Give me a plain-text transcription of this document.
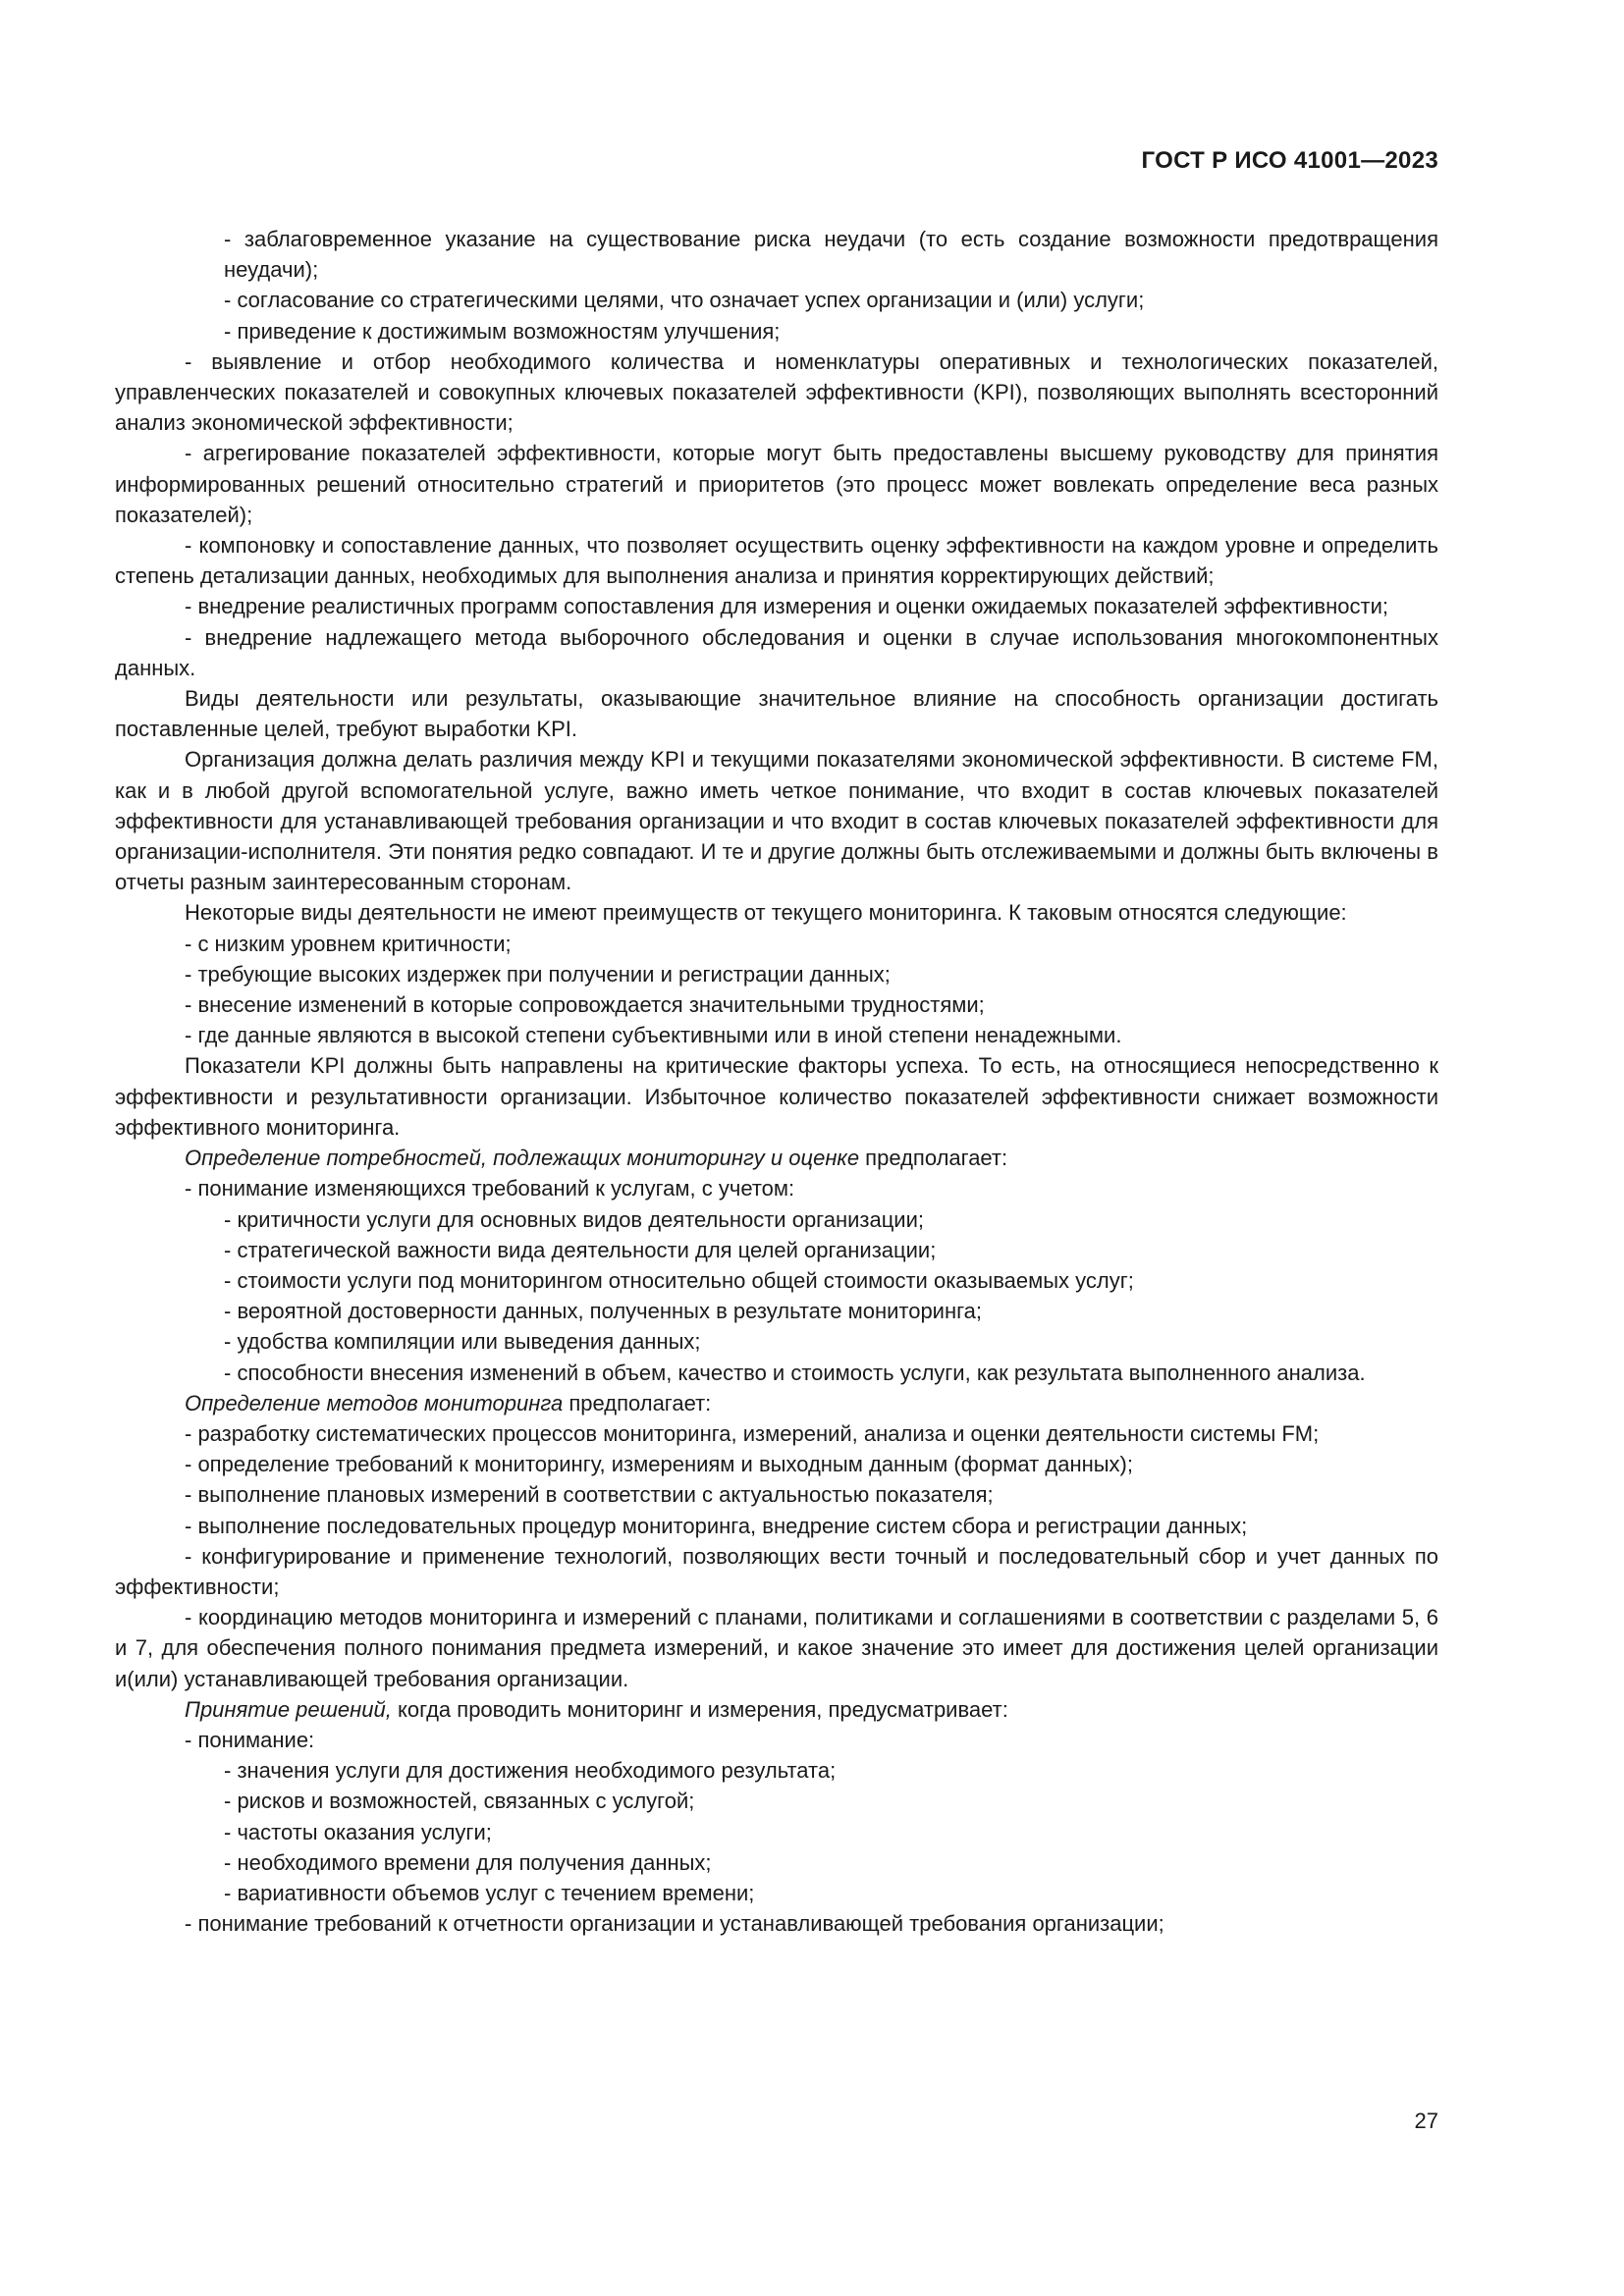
ГОСТ Р ИСО 41001—2023

- заблаговременное указание на существование риска неудачи (то есть создание возможности предотвращения неудачи);

- согласование со стратегическими целями, что означает успех организации и (или) услуги;

- приведение к достижимым возможностям улучшения;

- выявление и отбор необходимого количества и номенклатуры оперативных и технологических показателей, управленческих показателей и совокупных ключевых показателей эффективности (KPI), позволяющих выполнять всесторонний анализ экономической эффективности;

- агрегирование показателей эффективности, которые могут быть предоставлены высшему руководству для принятия информированных решений относительно стратегий и приоритетов (это процесс может вовлекать определение веса разных показателей);

- компоновку и сопоставление данных, что позволяет осуществить оценку эффективности на каждом уровне и определить степень детализации данных, необходимых для выполнения анализа и принятия корректирующих действий;

- внедрение реалистичных программ сопоставления для измерения и оценки ожидаемых показателей эффективности;

- внедрение надлежащего метода выборочного обследования и оценки в случае использования многокомпонентных данных.

Виды деятельности или результаты, оказывающие значительное влияние на способность организации достигать поставленные целей, требуют выработки KPI.

Организация должна делать различия между KPI и текущими показателями экономической эффективности. В системе FM, как и в любой другой вспомогательной услуге, важно иметь четкое понимание, что входит в состав ключевых показателей эффективности для устанавливающей требования организации и что входит в состав ключевых показателей эффективности для организации-исполнителя. Эти понятия редко совпадают. И те и другие должны быть отслеживаемыми и должны быть включены в отчеты разным заинтересованным сторонам.

Некоторые виды деятельности не имеют преимуществ от текущего мониторинга. К таковым относятся следующие:

- с низким уровнем критичности;

- требующие высоких издержек при получении и регистрации данных;

- внесение изменений в которые сопровождается значительными трудностями;

- где данные являются в высокой степени субъективными или в иной степени ненадежными.

Показатели KPI должны быть направлены на критические факторы успеха. То есть, на относящиеся непосредственно к эффективности и результативности организации. Избыточное количество показателей эффективности снижает возможности эффективного мониторинга.

Определение потребностей, подлежащих мониторингу и оценке предполагает:

- понимание изменяющихся требований к услугам, с учетом:

- критичности услуги для основных видов деятельности организации;

- стратегической важности вида деятельности для целей организации;

- стоимости услуги под мониторингом относительно общей стоимости оказываемых услуг;

- вероятной достоверности данных, полученных в результате мониторинга;

- удобства компиляции или выведения данных;

- способности внесения изменений в объем, качество и стоимость услуги, как результата выполненного анализа.

Определение методов мониторинга предполагает:

- разработку систематических процессов мониторинга, измерений, анализа и оценки деятельности системы FM;

- определение требований к мониторингу, измерениям и выходным данным (формат данных);

- выполнение плановых измерений в соответствии с актуальностью показателя;

- выполнение последовательных процедур мониторинга, внедрение систем сбора и регистрации данных;

- конфигурирование и применение технологий, позволяющих вести точный и последовательный сбор и учет данных по эффективности;

- координацию методов мониторинга и измерений с планами, политиками и соглашениями в соответствии с разделами 5, 6 и 7, для обеспечения полного понимания предмета измерений, и какое значение это имеет для достижения целей организации и(или) устанавливающей требования организации.

Принятие решений, когда проводить мониторинг и измерения, предусматривает:

- понимание:

- значения услуги для достижения необходимого результата;

- рисков и возможностей, связанных с услугой;

- частоты оказания услуги;

- необходимого времени для получения данных;

- вариативности объемов услуг с течением времени;

- понимание требований к отчетности организации и устанавливающей требования организации;

27
